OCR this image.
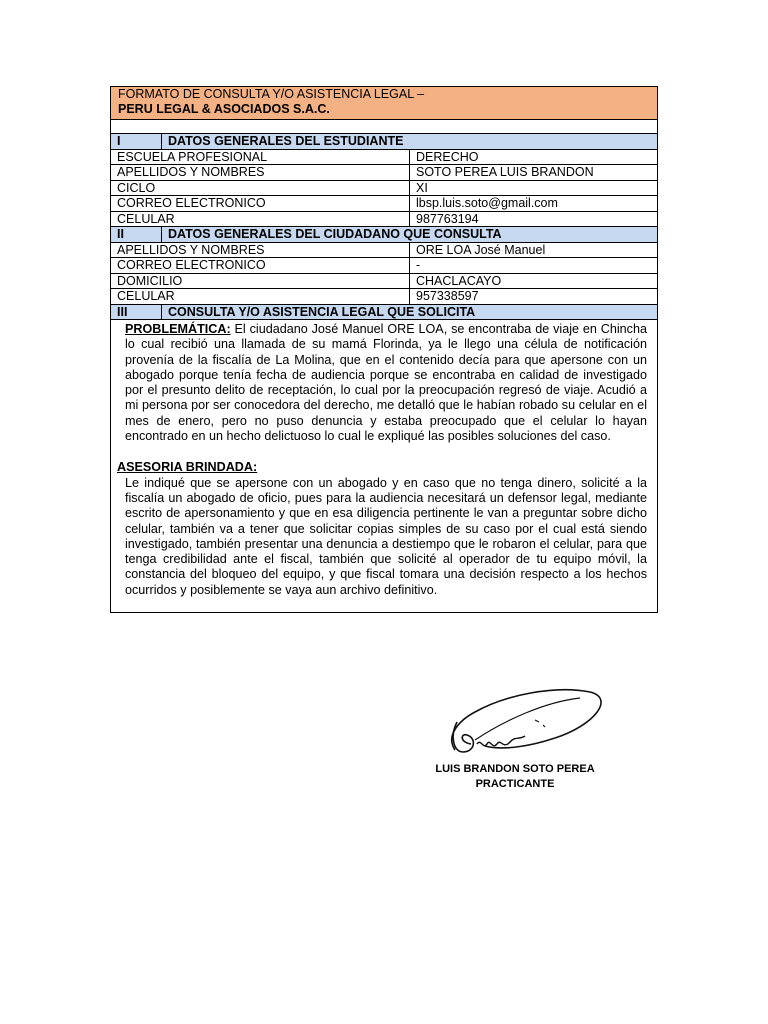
FORMATO DE CONSULTA Y/O ASISTENCIA LEGAL –
PERU LEGAL & ASOCIADOS S.A.C.
I	DATOS GENERALES DEL ESTUDIANTE	
ESCUELA PROFESIONAL		DERECHO
APELLIDOS Y NOMBRES		SOTO PEREA LUIS BRANDON
CICLO		XI
CORREO ELECTRONICO		lbsp.luis.soto@gmail.com
CELULAR		987763194
II	DATOS GENERALES DEL CIUDADANO QUE CONSULTA	
APELLIDOS Y NOMBRES		ORE LOA José Manuel
CORREO ELECTRONICO		-
DOMICILIO		CHACLACAYO
CELULAR		957338597
III	CONSULTA Y/O ASISTENCIA LEGAL QUE SOLICITA	

PROBLEMÁTICA: El ciudadano José Manuel ORE LOA, se encontraba de viaje en Chincha lo cual recibió una llamada de su mamá Florinda, ya le llego una célula de notificación provenía de la fiscalía de La Molina, que en el contenido decía para que apersone con un abogado porque tenía fecha de audiencia porque se encontraba en calidad de investigado por el presunto delito de receptación, lo cual por la preocupación regresó de viaje. Acudió a mi persona por ser conocedora del derecho, me detalló que le habían robado su celular en el mes de enero, pero no puso denuncia y estaba preocupado que el celular lo hayan encontrado en un hecho delictuoso lo cual le expliqué las posibles soluciones del caso.

ASESORIA BRINDADA:

Le indiqué que se apersone con un abogado y en caso que no tenga dinero, solicité a la fiscalía un abogado de oficio, pues para la audiencia necesitará un defensor legal, mediante escrito de apersonamiento y que en esa diligencia pertinente le van a preguntar sobre dicho celular, también va a tener que solicitar copias simples de su caso por el cual está siendo investigado, también presentar una denuncia a destiempo que le robaron el celular, para que tenga credibilidad ante el fiscal, también que solicité al operador de tu equipo móvil, la constancia del bloqueo del equipo, y que fiscal tomara una decisión respecto a los hechos ocurridos y posiblemente se vaya aun archivo definitivo.

LUIS BRANDON SOTO PEREA
PRACTICANTE
